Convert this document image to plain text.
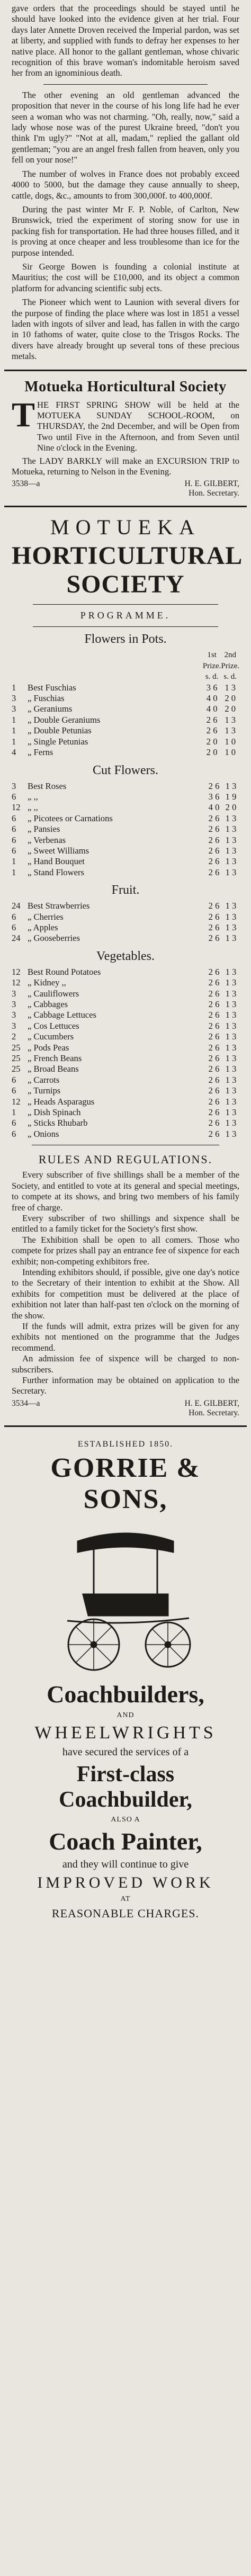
gave orders that the proceedings should be stayed until he should have looked into the evidence given at her trial. Four days later Annette Droven received the Imperial pardon, was set at liberty, and supplied with funds to defray her expenses to her native place. All honor to the gallant gentleman, whose chivaric recognition of this brave woman's indomitable heroism saved her from an ignominious death.

The other evening an old gentleman advanced the proposition that never in the course of his long life had he ever seen a woman who was not charming. "Oh, really, now," said a lady whose nose was of the purest Ukraine breed, "don't you think I'm ugly?" "Not at all, madam," replied the gallant old gentleman; "you are an angel fresh fallen from heaven, only you fell on your nose!"

The number of wolves in France does not probably exceed 4000 to 5000, but the damage they cause annually to sheep, cattle, dogs, &c., amounts to from 300,000f. to 400,000f.

During the past winter Mr F. P. Noble, of Carlton, New Brunswick, tried the experiment of storing snow for use in packing fish for transportation. He had three houses filled, and it is proving at once cheaper and less troublesome than ice for the purpose intended.

Sir George Bowen is founding a colonial institute at Mauritius; the cost will be £10,000, and its object a common platform for advancing scientific subj ects.

The Pioneer which went to Launion with several divers for the purpose of finding the place where was lost in 1851 a vessel laden with ingots of silver and lead, has fallen in with the cargo in 10 fathoms of water, quite close to the Trisgos Rocks. The divers have already brought up several tons of these precious metals.

Motueka Horticultural Society
T HE FIRST SPRING SHOW will be held at the MOTUEKA SUNDAY SCHOOL-ROOM, on THURSDAY, the 2nd December, and will be Open from Two until Five in the Afternoon, and from Seven until Nine o'clock in the Evening.

The LADY BARKLY will make an EXCURSION TRIP to Motueka, returning to Nelson in the Evening.

3538—a	H. E. GILBERT,
Hon. Secretary.
MOTUEKA
HORTICULTURAL SOCIETY
PROGRAMME.
Flowers in Pots.
		1st Prize.	2nd Prize.
		s. d.	s. d.
1	Best Fuschias	3 6	1 3
3	„ Fuschias	4 0	2 0
3	„ Geraniums	4 0	2 0
1	„ Double Geraniums	2 6	1 3
1	„ Double Petunias	2 6	1 3
1	„ Single Petunias	2 0	1 0
4	„ Ferns	2 0	1 0
Cut Flowers.
3	Best Roses	2 6	1 3
6	„ ,,	3 6	1 9
12	„ ,,	4 0	2 0
6	„ Picotees or Carnations	2 6	1 3
6	„ Pansies	2 6	1 3
6	„ Verbenas	2 6	1 3
6	„ Sweet Williams	2 6	1 3
1	„ Hand Bouquet	2 6	1 3
1	„ Stand Flowers	2 6	1 3
Fruit.
24	Best Strawberries	2 6	1 3
6	„ Cherries	2 6	1 3
6	„ Apples	2 6	1 3
24	„ Gooseberries	2 6	1 3
Vegetables.
12	Best Round Potatoes	2 6	1 3
12	„ Kidney ,,	2 6	1 3
3	„ Cauliflowers	2 6	1 3
3	„ Cabbages	2 6	1 3
3	„ Cabbage Lettuces	2 6	1 3
3	„ Cos Lettuces	2 6	1 3
2	„ Cucumbers	2 6	1 3
25	„ Pods Peas	2 6	1 3
25	„ French Beans	2 6	1 3
25	„ Broad Beans	2 6	1 3
6	„ Carrots	2 6	1 3
6	„ Turnips	2 6	1 3
12	„ Heads Asparagus	2 6	1 3
1	„ Dish Spinach	2 6	1 3
6	„ Sticks Rhubarb	2 6	1 3
6	„ Onions	2 6	1 3
RULES AND REGULATIONS.

Every subscriber of five shillings shall be a member of the Society, and entitled to vote at its general and special meetings, to compete at its shows, and bring two members of his family free of charge.

Every subscriber of two shillings and sixpence shall be entitled to a family ticket for the Society's first show.

The Exhibition shall be open to all comers. Those who compete for prizes shall pay an entrance fee of sixpence for each exhibit; non-competing exhibitors free.

Intending exhibitors should, if possible, give one day's notice to the Secretary of their intention to exhibit at the Show. All exhibits for competition must be delivered at the place of exhibition not later than half-past ten o'clock on the morning of the show.

If the funds will admit, extra prizes will be given for any exhibits not mentioned on the programme that the Judges recommend.

An admission fee of sixpence will be charged to non-subscribers.

Further information may be obtained on application to the Secretary.

3534—a	H. E. GILBERT,
Hon. Secretary.
ESTABLISHED 1850.
GORRIE & SONS,
Coachbuilders,
AND
WHEELWRIGHTS
have secured the services of a
First-class Coachbuilder,
ALSO A
Coach Painter,
and they will continue to give
IMPROVED WORK
AT
REASONABLE CHARGES.
